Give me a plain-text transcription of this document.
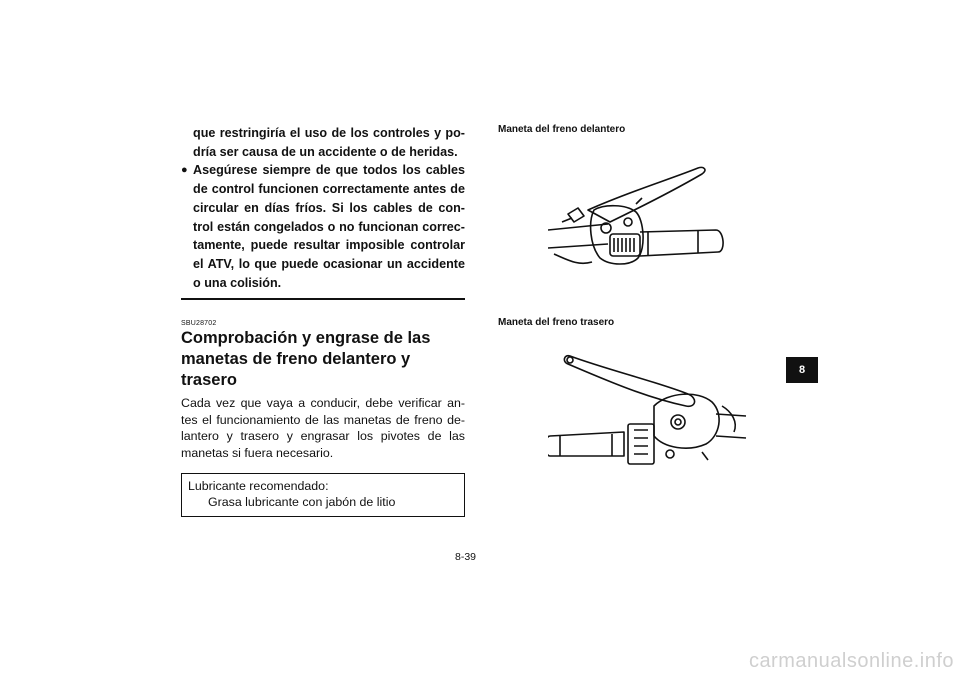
que restringiría el uso de los controles y po-dría ser causa de un accidente o de heridas.

● Asegúrese siempre de que todos los cables de control funcionen correctamente antes de circular en días fríos. Si los cables de con-trol están congelados o no funcionan correc-tamente, puede resultar imposible controlar el ATV, lo que puede ocasionar un accidente o una colisión.
SBU28702
Comprobación y engrase de las manetas de freno delantero y trasero

Cada vez que vaya a conducir, debe verificar an-tes el funcionamiento de las manetas de freno de-lantero y trasero y engrasar los pivotes de las manetas si fuera necesario.

Lubricante recomendado:
Grasa lubricante con jabón de litio
Maneta del freno delantero
Maneta del freno trasero
8
8-39
carmanualsonline.info
